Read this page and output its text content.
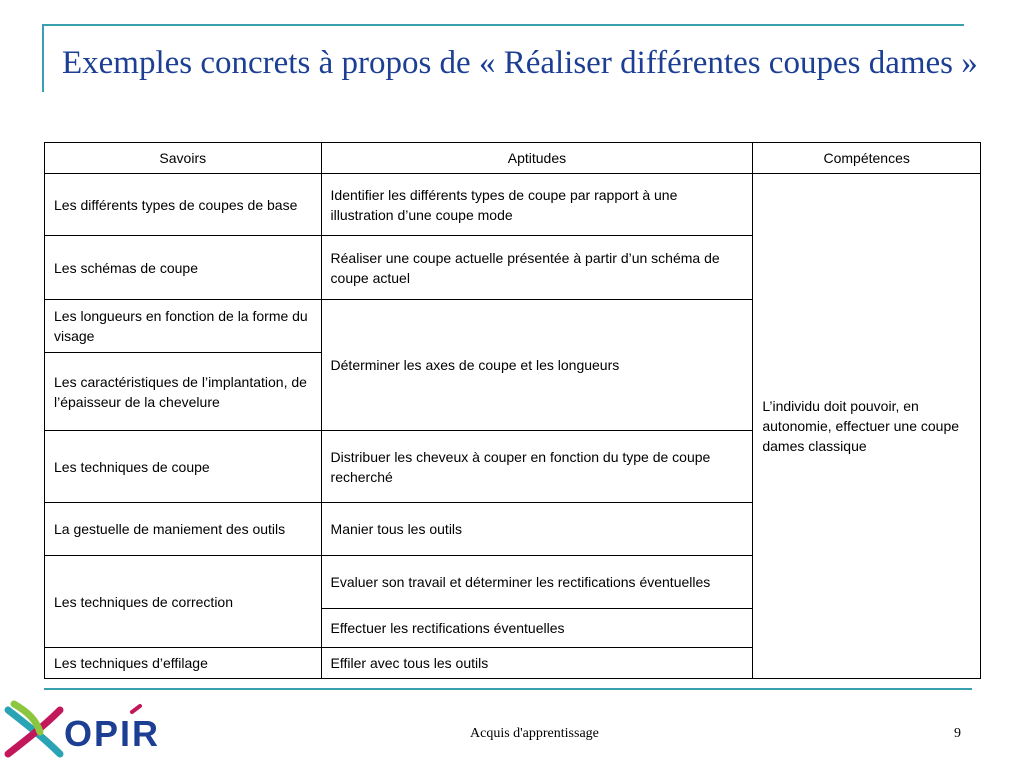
Exemples concrets à propos de « Réaliser différentes coupes dames »
Savoirs	Aptitudes	Compétences
Les différents types de coupes de base	Identifier les différents types de coupe par rapport à une illustration d’une coupe mode	L’individu doit pouvoir, en autonomie, effectuer une coupe dames classique
Les schémas de coupe	Réaliser une coupe actuelle présentée à partir d’un schéma de coupe actuel	
Les longueurs en fonction de la forme du visage	Déterminer les axes de coupe et les longueurs	
Les caractéristiques de l’implantation, de l’épaisseur de la chevelure		
Les techniques de coupe	Distribuer les cheveux à couper en fonction du type de coupe recherché	
La gestuelle de maniement des outils	Manier tous les outils	
Les techniques de correction	Evaluer son travail et déterminer les rectifications éventuelles	
	Effectuer les rectifications éventuelles	
Les techniques d’effilage	Effiler avec tous les outils	
OPIR	Acquis d'apprentissage	9
